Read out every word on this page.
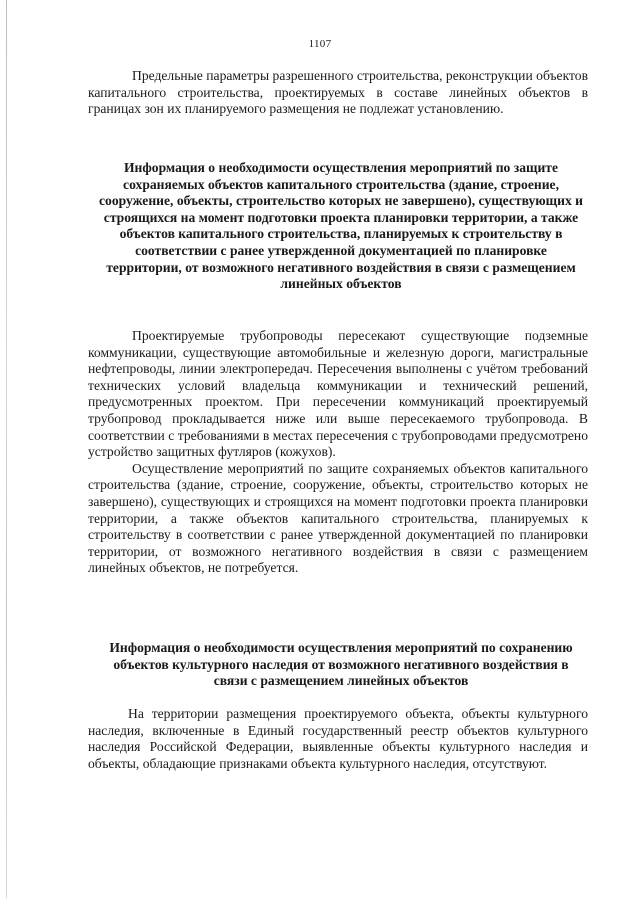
1107

Предельные параметры разрешенного строительства, реконструкции объектов капитального строительства, проектируемых в составе линейных объектов в границах зон их планируемого размещения не подлежат установлению.

Информация о необходимости осуществления мероприятий по защите сохраняемых объектов капитального строительства (здание, строение, сооружение, объекты, строительство которых не завершено), существующих и строящихся на момент подготовки проекта планировки территории, а также объектов капитального строительства, планируемых к строительству в соответствии с ранее утвержденной документацией по планировке территории, от возможного негативного воздействия в связи с размещением линейных объектов

Проектируемые трубопроводы пересекают существующие подземные коммуникации, существующие автомобильные и железную дороги, магистральные нефтепроводы, линии электропередач. Пересечения выполнены с учётом требований технических условий владельца коммуникации и технический решений, предусмотренных проектом. При пересечении коммуникаций проектируемый трубопровод прокладывается ниже или выше пересекаемого трубопровода. В соответствии с требованиями в местах пересечения с трубопроводами предусмотрено устройство защитных футляров (кожухов).

Осуществление мероприятий по защите сохраняемых объектов капитального строительства (здание, строение, сооружение, объекты, строительство которых не завершено), существующих и строящихся на момент подготовки проекта планировки территории, а также объектов капитального строительства, планируемых к строительству в соответствии с ранее утвержденной документацией по планировки территории, от возможного негативного воздействия в связи с размещением линейных объектов, не потребуется.

Информация о необходимости осуществления мероприятий по сохранению объектов культурного наследия от возможного негативного воздействия в связи с размещением линейных объектов

На территории размещения проектируемого объекта, объекты культурного наследия, включенные в Единый государственный реестр объектов культурного наследия Российской Федерации, выявленные объекты культурного наследия и объекты, обладающие признаками объекта культурного наследия, отсутствуют.
